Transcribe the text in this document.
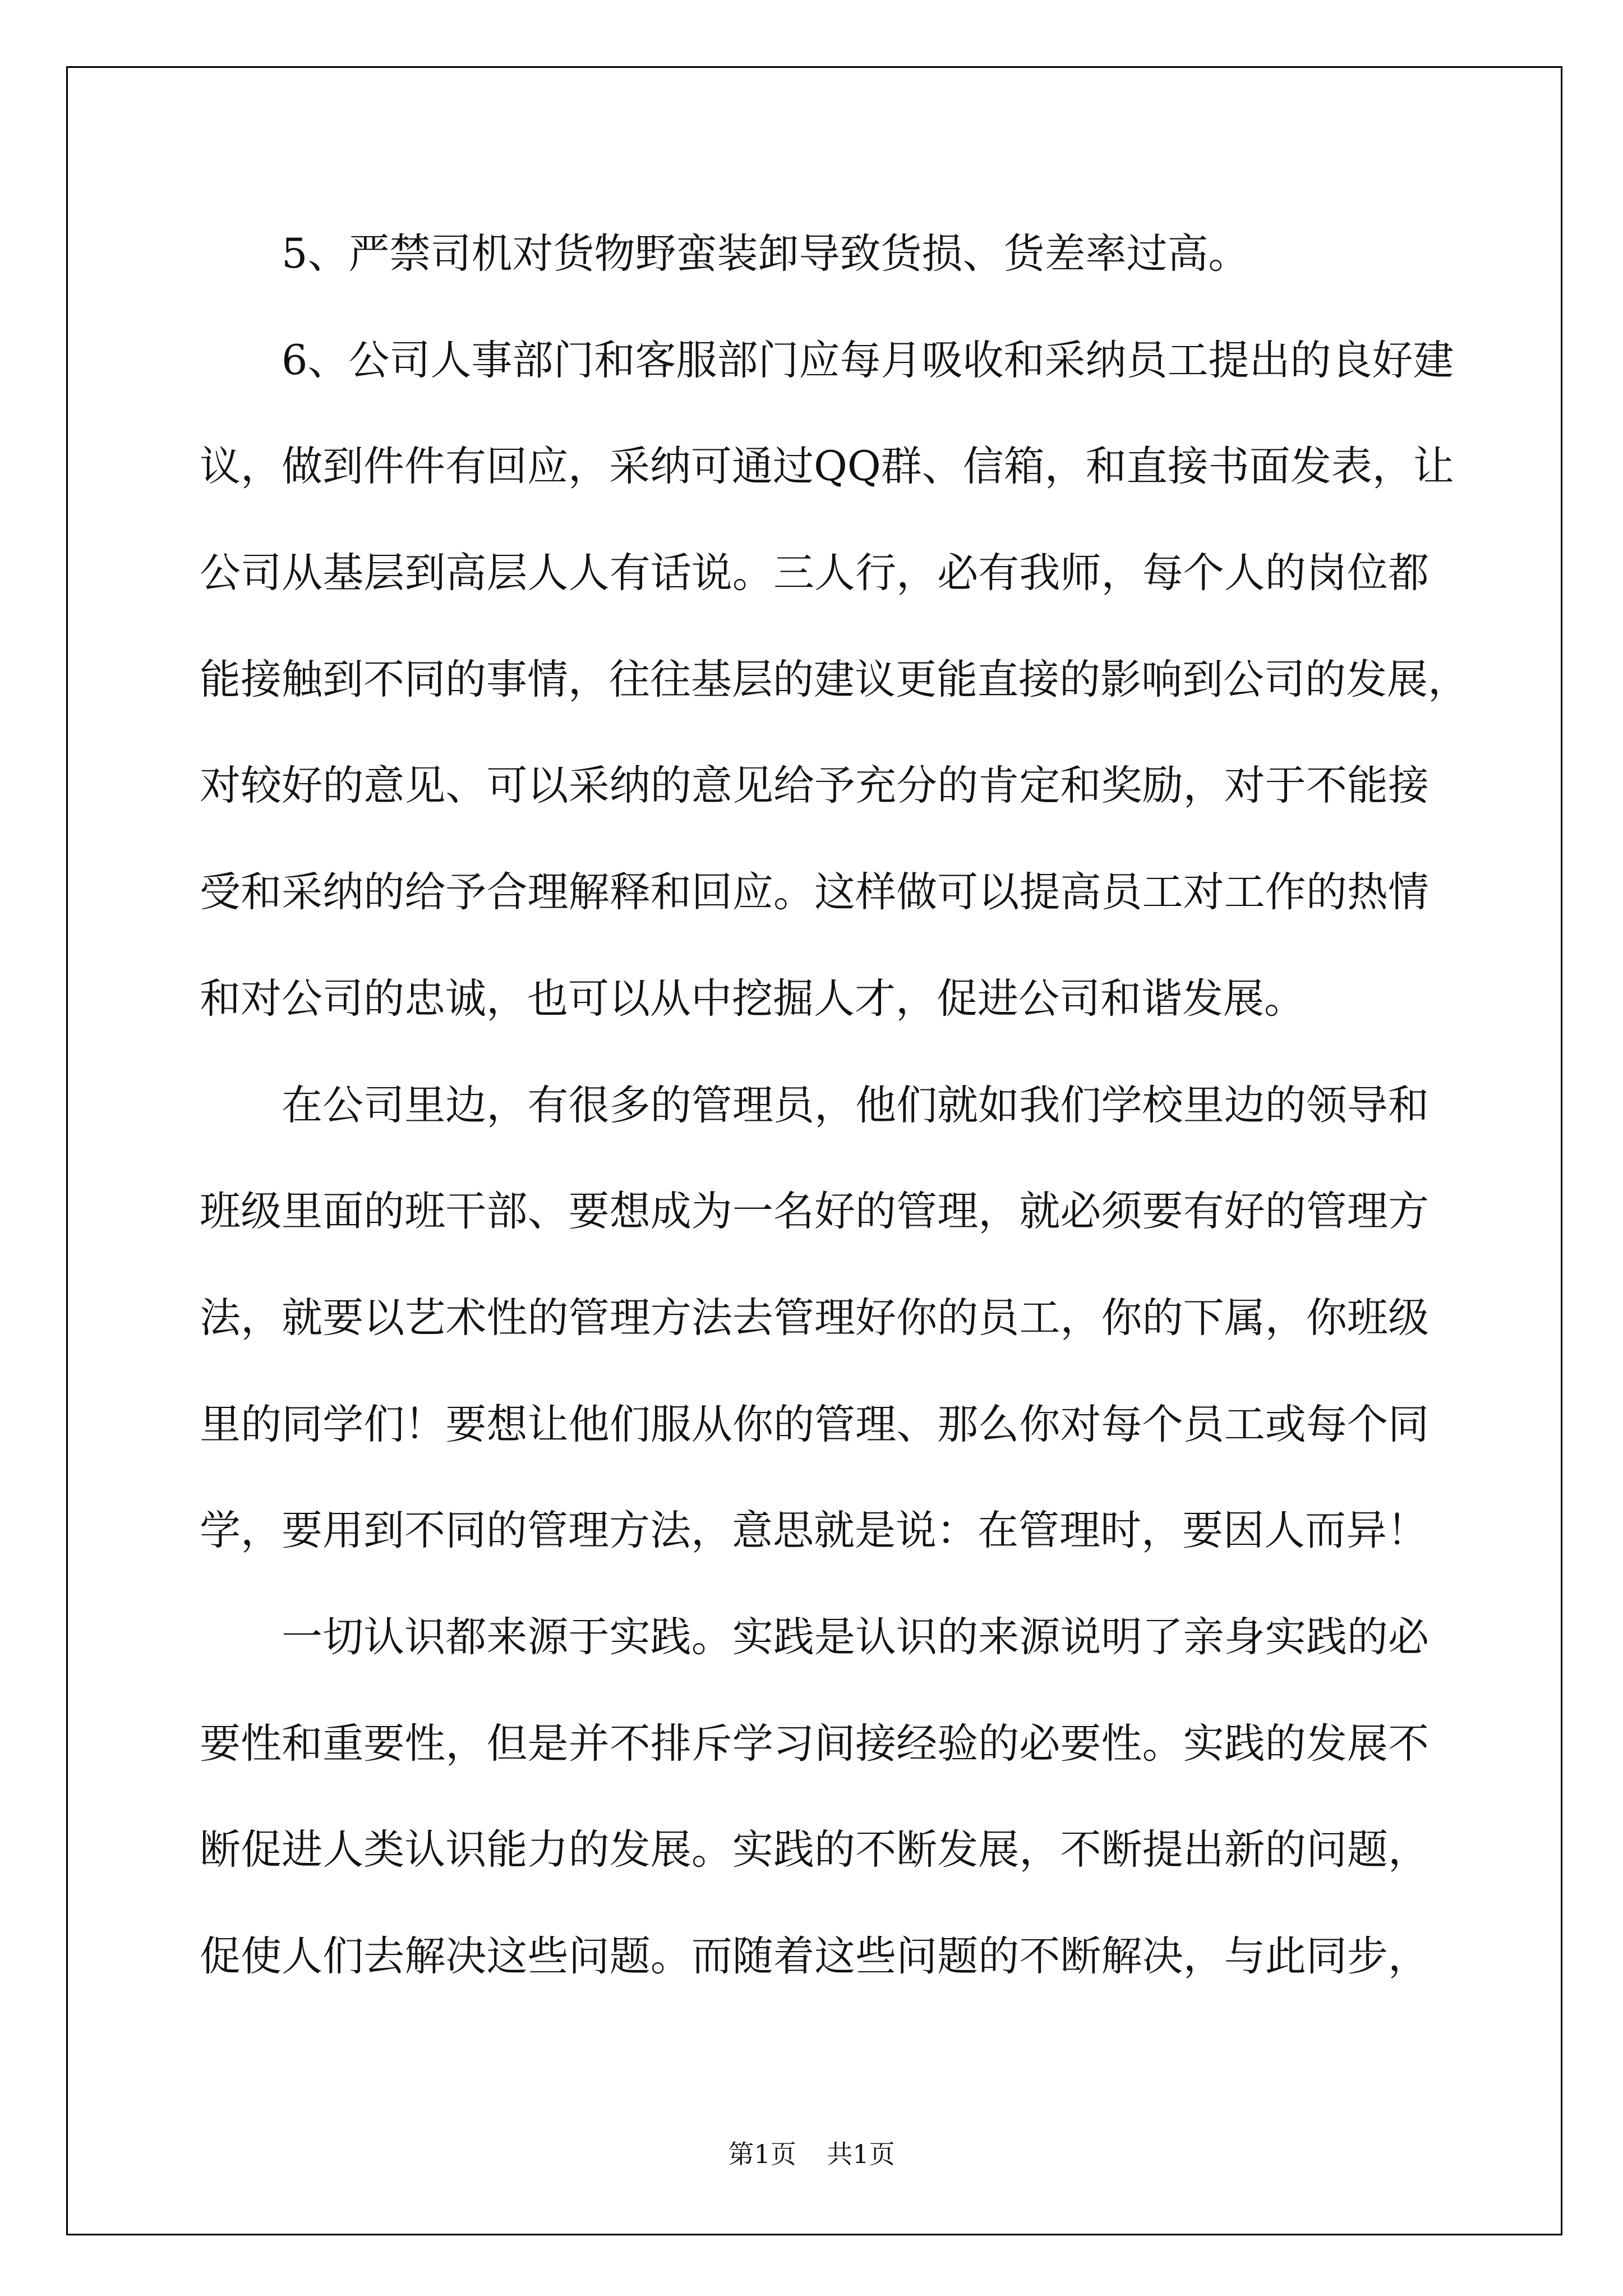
5、严禁司机对货物野蛮装卸导致货损、货差率过高。
6、公司人事部门和客服部门应每月吸收和采纳员工提出的良好建
议，做到件件有回应，采纳可通过QQ群、信箱，和直接书面发表，让
公司从基层到高层人人有话说。三人行，必有我师，每个人的岗位都
能接触到不同的事情，往往基层的建议更能直接的影响到公司的发展，
对较好的意见、可以采纳的意见给予充分的肯定和奖励，对于不能接
受和采纳的给予合理解释和回应。这样做可以提高员工对工作的热情
和对公司的忠诚，也可以从中挖掘人才，促进公司和谐发展。
在公司里边，有很多的管理员，他们就如我们学校里边的领导和
班级里面的班干部、要想成为一名好的管理，就必须要有好的管理方
法，就要以艺术性的管理方法去管理好你的员工，你的下属，你班级
里的同学们！要想让他们服从你的管理、那么你对每个员工或每个同
学，要用到不同的管理方法，意思就是说：在管理时，要因人而异！
一切认识都来源于实践。实践是认识的来源说明了亲身实践的必
要性和重要性，但是并不排斥学习间接经验的必要性。实践的发展不
断促进人类认识能力的发展。实践的不断发展，不断提出新的问题，
促使人们去解决这些问题。而随着这些问题的不断解决，与此同步，
第1页 共1页
